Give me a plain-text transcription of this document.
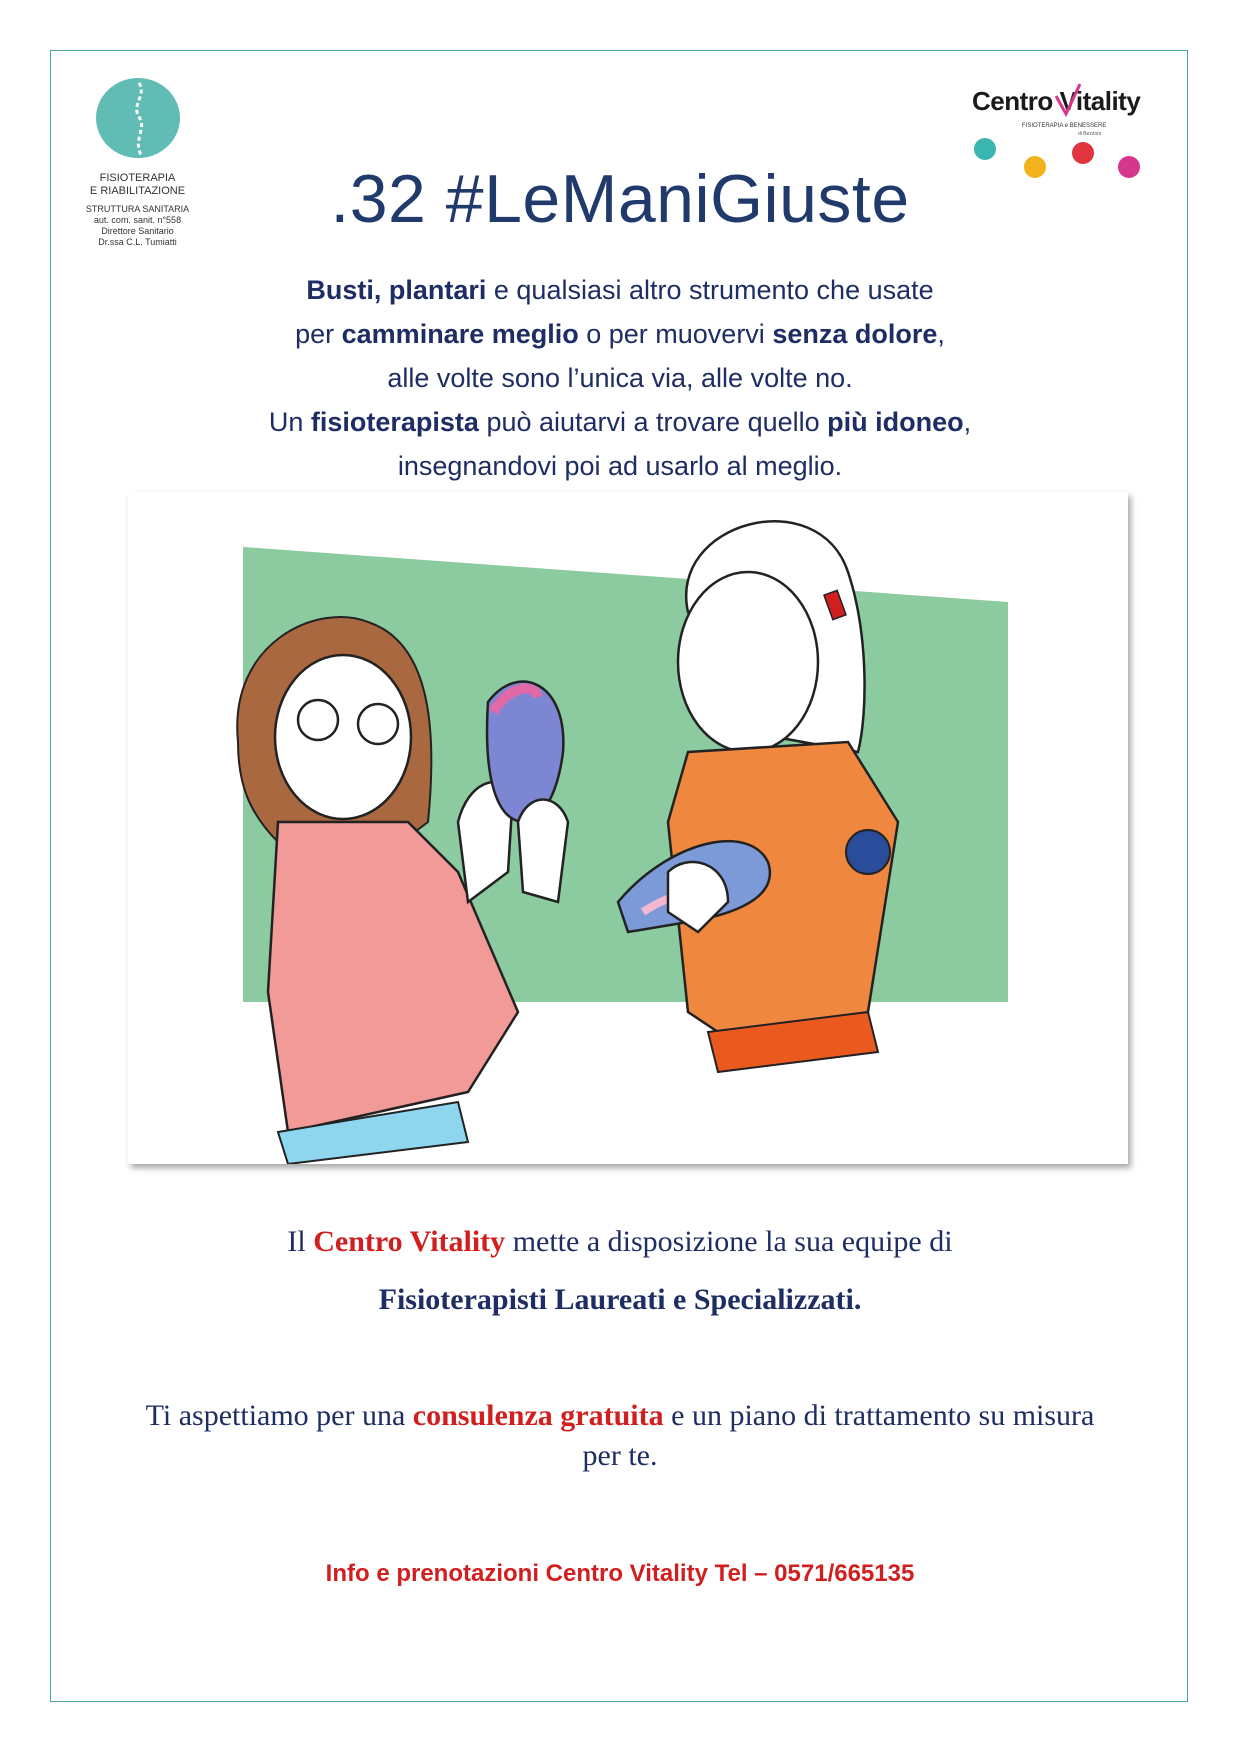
FISIOTERAPIA
E RIABILITAZIONE
STRUTTURA SANITARIA
aut. com. sanit. n°558
Direttore Sanitario
Dr.ssa C.L. Tumiatti
Centro Vitality
FISIOTERAPIA e BENESSERE
di Bezzoni
.32 #LeManiGiuste
Busti, plantari e qualsiasi altro strumento che usate
per camminare meglio o per muovervi senza dolore,
alle volte sono l’unica via, alle volte no.
Un fisioterapista può aiutarvi a trovare quello più idoneo,
insegnandovi poi ad usarlo al meglio.
Il Centro Vitality mette a disposizione la sua equipe di
Fisioterapisti Laureati e Specializzati.
Ti aspettiamo per una consulenza gratuita e un piano di trattamento su misura per te.
Info e prenotazioni Centro Vitality Tel – 0571/665135
